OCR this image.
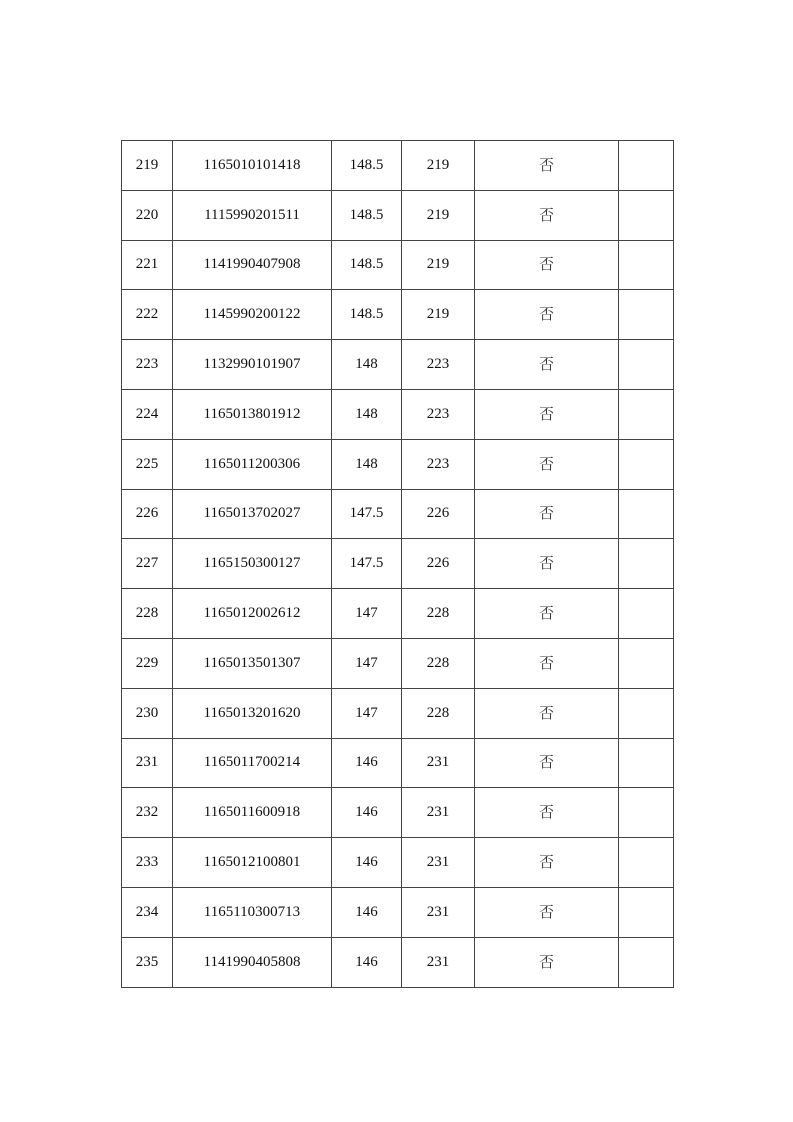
219	1165010101418	148.5	219	否	
220	1115990201511	148.5	219	否	
221	1141990407908	148.5	219	否	
222	1145990200122	148.5	219	否	
223	1132990101907	148	223	否	
224	1165013801912	148	223	否	
225	1165011200306	148	223	否	
226	1165013702027	147.5	226	否	
227	1165150300127	147.5	226	否	
228	1165012002612	147	228	否	
229	1165013501307	147	228	否	
230	1165013201620	147	228	否	
231	1165011700214	146	231	否	
232	1165011600918	146	231	否	
233	1165012100801	146	231	否	
234	1165110300713	146	231	否	
235	1141990405808	146	231	否	
